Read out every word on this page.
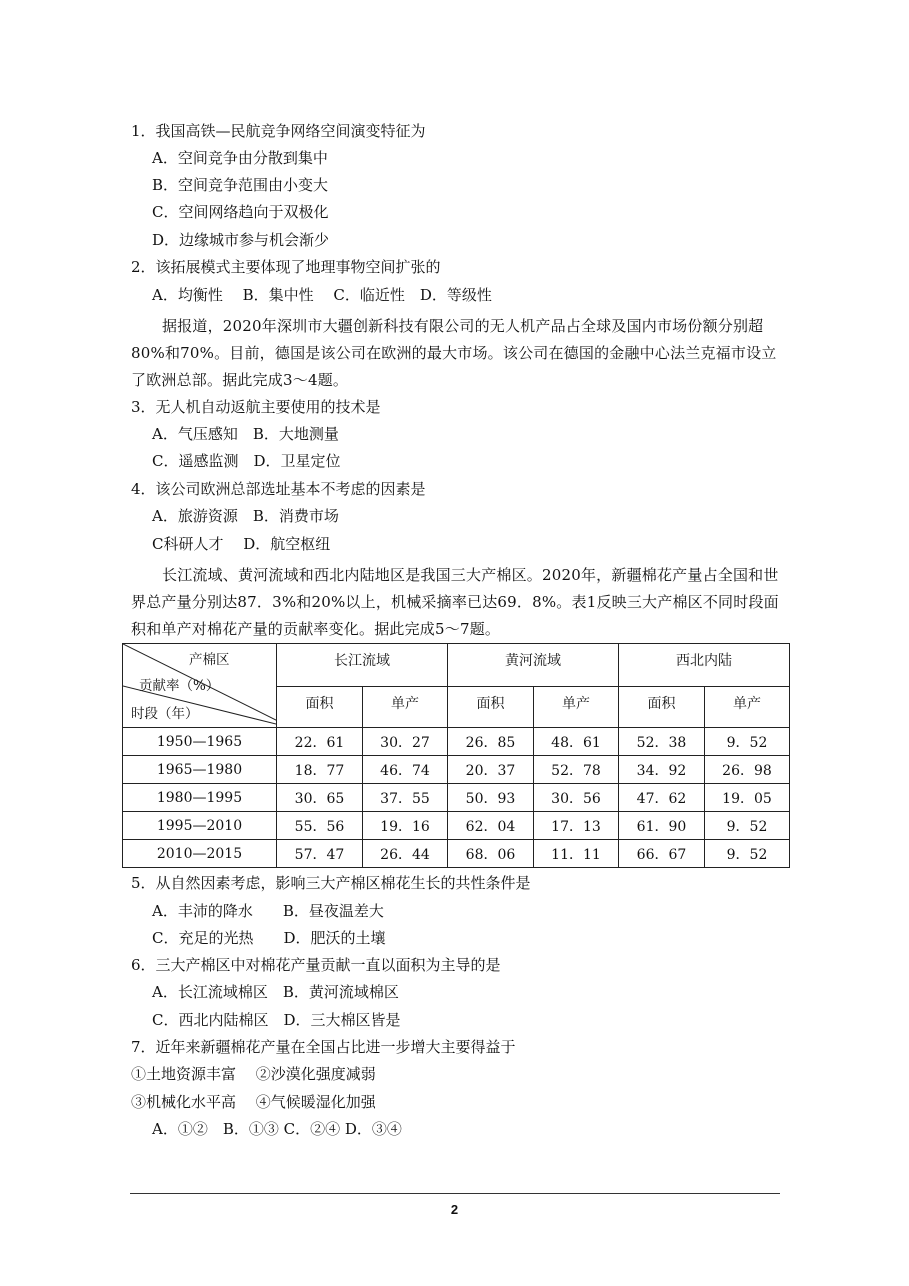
1．我国高铁—民航竞争网络空间演变特征为
A．空间竞争由分散到集中
B．空间竞争范围由小变大
C．空间网络趋向于双极化
D．边缘城市参与机会渐少
2．该拓展模式主要体现了地理事物空间扩张的
A．均衡性　 B．集中性　 C．临近性　D．等级性
据报道，2020年深圳市大疆创新科技有限公司的无人机产品占全球及国内市场份额分别超80%和70%。目前，德国是该公司在欧洲的最大市场。该公司在德国的金融中心法兰克福市设立了欧洲总部。据此完成3～4题。
3．无人机自动返航主要使用的技术是
A．气压感知　B．大地测量
C．遥感监测　D．卫星定位
4．该公司欧洲总部选址基本不考虑的因素是
A．旅游资源　B．消费市场
C科研人才　 D．航空枢纽
长江流域、黄河流域和西北内陆地区是我国三大产棉区。2020年，新疆棉花产量占全国和世界总产量分别达87．3%和20%以上，机械采摘率已达69．8%。表1反映三大产棉区不同时段面积和单产对棉花产量的贡献率变化。据此完成5～7题。
产棉区
贡献率（%）
时段（年）	长江流域		黄河流域		西北内陆	
	面积	单产	面积	单产	面积	单产
1950—1965	22．61	30．27	26．85	48．61	52．38	9．52
1965—1980	18．77	46．74	20．37	52．78	34．92	26．98
1980—1995	30．65	37．55	50．93	30．56	47．62	19．05
1995—2010	55．56	19．16	62．04	17．13	61．90	9．52
2010—2015	57．47	26．44	68．06	11．11	66．67	9．52
5．从自然因素考虑，影响三大产棉区棉花生长的共性条件是
A．丰沛的降水　　B．昼夜温差大
C．充足的光热　　D．肥沃的土壤
6．三大产棉区中对棉花产量贡献一直以面积为主导的是
A．长江流域棉区　B．黄河流域棉区
C．西北内陆棉区　D．三大棉区皆是
7．近年来新疆棉花产量在全国占比进一步增大主要得益于
①土地资源丰富　 ②沙漠化强度减弱
③机械化水平高　 ④气候暖湿化加强
A．①②　B．①③ C．②④ D．③④
2
